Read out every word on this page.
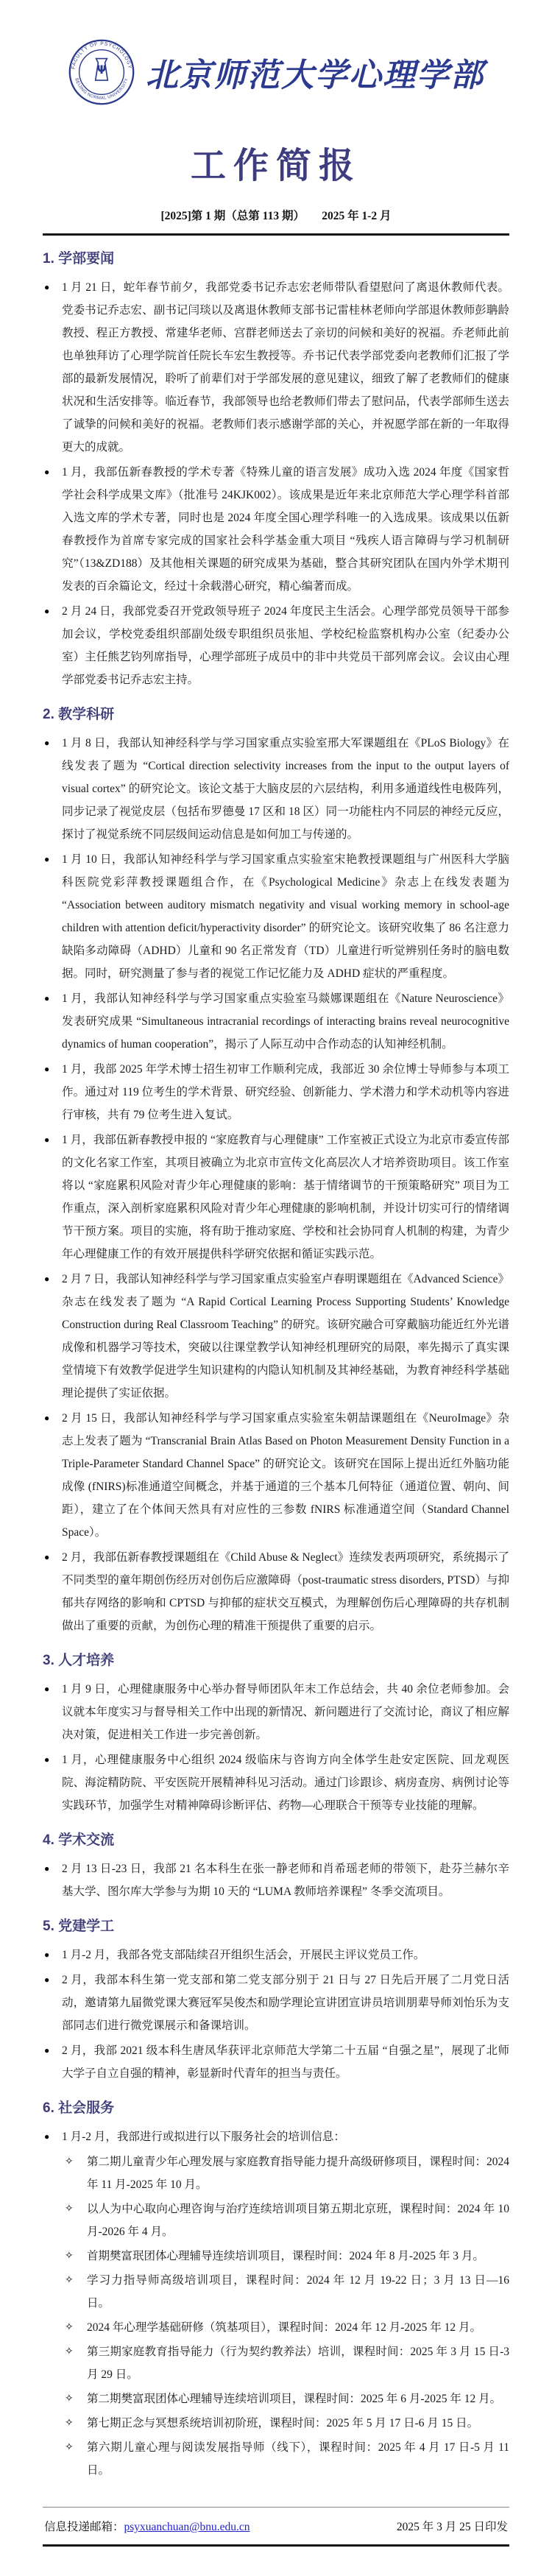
FACULTY OF PSYCHOLOGY
BEIJING NORMAL UNIVERSITY
Ψ 北京师范大学心理学部
工作简报
[2025]第 1 期（总第 113 期）　　2025 年 1-2 月
1. 学部要闻
● 1 月 21 日，蛇年春节前夕，我部党委书记乔志宏老师带队看望慰问了离退休教师代表。党委书记乔志宏、副书记闫琰以及离退休教师支部书记雷桂林老师向学部退休教师彭聃龄教授、程正方教授、常建华老师、宫群老师送去了亲切的问候和美好的祝福。乔老师此前也单独拜访了心理学院首任院长车宏生教授等。乔书记代表学部党委向老教师们汇报了学部的最新发展情况，聆听了前辈们对于学部发展的意见建议，细致了解了老教师们的健康状况和生活安排等。临近春节，我部领导也给老教师们带去了慰问品，代表学部师生送去了诚挚的问候和美好的祝福。老教师们表示感谢学部的关心，并祝愿学部在新的一年取得更大的成就。
● 1 月，我部伍新春教授的学术专著《特殊儿童的语言发展》成功入选 2024 年度《国家哲学社会科学成果文库》（批准号 24KJK002）。该成果是近年来北京师范大学心理学科首部入选文库的学术专著，同时也是 2024 年度全国心理学科唯一的入选成果。该成果以伍新春教授作为首席专家完成的国家社会科学基金重大项目 “残疾人语言障碍与学习机制研究”（13&ZD188）及其他相关课题的研究成果为基础，整合其研究团队在国内外学术期刊发表的百余篇论文，经过十余载潜心研究，精心编著而成。
● 2 月 24 日，我部党委召开党政领导班子 2024 年度民主生活会。心理学部党员领导干部参加会议，学校党委组织部副处级专职组织员张旭、学校纪检监察机构办公室（纪委办公室）主任熊艺钧列席指导，心理学部班子成员中的非中共党员干部列席会议。会议由心理学部党委书记乔志宏主持。
2. 教学科研
● 1 月 8 日，我部认知神经科学与学习国家重点实验室邢大军课题组在《PLoS Biology》在线发表了题为 “Cortical direction selectivity increases from the input to the output layers of visual cortex” 的研究论文。该论文基于大脑皮层的六层结构，利用多通道线性电极阵列，同步记录了视觉皮层（包括布罗德曼 17 区和 18 区）同一功能柱内不同层的神经元反应，探讨了视觉系统不同层级间运动信息是如何加工与传递的。
● 1 月 10 日，我部认知神经科学与学习国家重点实验室宋艳教授课题组与广州医科大学脑科医院党彩萍教授课题组合作，在《Psychological Medicine》杂志上在线发表题为 “Association between auditory mismatch negativity and visual working memory in school-age children with attention deficit/hyperactivity disorder” 的研究论文。该研究收集了 86 名注意力缺陷多动障碍（ADHD）儿童和 90 名正常发育（TD）儿童进行听觉辨别任务时的脑电数据。同时，研究测量了参与者的视觉工作记忆能力及 ADHD 症状的严重程度。
● 1 月，我部认知神经科学与学习国家重点实验室马燚娜课题组在《Nature Neuroscience》 发表研究成果 “Simultaneous intracranial recordings of interacting brains reveal neurocognitive dynamics of human cooperation”，揭示了人际互动中合作动态的认知神经机制。
● 1 月，我部 2025 年学术博士招生初审工作顺利完成，我部近 30 余位博士导师参与本项工作。通过对 119 位考生的学术背景、研究经验、创新能力、学术潜力和学术动机等内容进行审核，共有 79 位考生进入复试。
● 1 月，我部伍新春教授申报的 “家庭教育与心理健康” 工作室被正式设立为北京市委宣传部的文化名家工作室，其项目被确立为北京市宣传文化高层次人才培养资助项目。该工作室将以 “家庭累积风险对青少年心理健康的影响：基于情绪调节的干预策略研究” 项目为工作重点，深入剖析家庭累积风险对青少年心理健康的影响机制，并设计切实可行的情绪调节干预方案。项目的实施，将有助于推动家庭、学校和社会协同育人机制的构建，为青少年心理健康工作的有效开展提供科学研究依据和循证实践示范。
● 2 月 7 日，我部认知神经科学与学习国家重点实验室卢春明课题组在《Advanced Science》杂志在线发表了题为 “A Rapid Cortical Learning Process Supporting Students’ Knowledge Construction during Real Classroom Teaching” 的研究。该研究融合可穿戴脑功能近红外光谱成像和机器学习等技术，突破以往课堂教学认知神经机理研究的局限，率先揭示了真实课堂情境下有效教学促进学生知识建构的内隐认知机制及其神经基础，为教育神经科学基础理论提供了实证依据。
● 2 月 15 日，我部认知神经科学与学习国家重点实验室朱朝喆课题组在《NeuroImage》杂志上发表了题为 “Transcranial Brain Atlas Based on Photon Measurement Density Function in a Triple-Parameter Standard Channel Space” 的研究论文。该研究在国际上提出近红外脑功能成像 (fNIRS)标准通道空间概念，并基于通道的三个基本几何特征（通道位置、朝向、间距），建立了在个体间天然具有对应性的三参数 fNIRS 标准通道空间（Standard Channel Space）。
● 2 月，我部伍新春教授课题组在《Child Abuse & Neglect》连续发表两项研究，系统揭示了不同类型的童年期创伤经历对创伤后应激障碍（post-traumatic stress disorders, PTSD）与抑郁共存网络的影响和 CPTSD 与抑郁的症状交互模式，为理解创伤后心理障碍的共存机制做出了重要的贡献，为创伤心理的精准干预提供了重要的启示。
3. 人才培养
● 1 月 9 日，心理健康服务中心举办督导师团队年末工作总结会，共 40 余位老师参加。会议就本年度实习与督导相关工作中出现的新情况、新问题进行了交流讨论，商议了相应解决对策，促进相关工作进一步完善创新。
● 1 月，心理健康服务中心组织 2024 级临床与咨询方向全体学生赴安定医院、回龙观医院、海淀精防院、平安医院开展精神科见习活动。通过门诊跟诊、病房查房、病例讨论等实践环节，加强学生对精神障碍诊断评估、药物—心理联合干预等专业技能的理解。
4. 学术交流
● 2 月 13 日-23 日，我部 21 名本科生在张一静老师和肖希瑶老师的带领下，赴芬兰赫尔辛基大学、图尔库大学参与为期 10 天的 “LUMA 教师培养课程” 冬季交流项目。
5. 党建学工
● 1 月-2 月，我部各党支部陆续召开组织生活会，开展民主评议党员工作。
● 2 月，我部本科生第一党支部和第二党支部分别于 21 日与 27 日先后开展了二月党日活动，邀请第九届微党课大赛冠军吴俊杰和励学理论宣讲团宣讲员培训朋辈导师刘怡乐为支部同志们进行微党课展示和备课培训。
● 2 月，我部 2021 级本科生唐凤华获评北京师范大学第二十五届 “自强之星”，展现了北师大学子自立自强的精神，彰显新时代青年的担当与责任。
6. 社会服务
● 1 月-2 月，我部进行或拟进行以下服务社会的培训信息：
✧ 第二期儿童青少年心理发展与家庭教育指导能力提升高级研修项目，课程时间：2024 年 11 月-2025 年 10 月。
✧ 以人为中心取向心理咨询与治疗连续培训项目第五期北京班，课程时间：2024 年 10 月-2026 年 4 月。
✧ 首期樊富珉团体心理辅导连续培训项目，课程时间：2024 年 8 月-2025 年 3 月。
✧ 学习力指导师高级培训项目，课程时间：2024 年 12 月 19-22 日；3 月 13 日—16 日。
✧ 2024 年心理学基础研修（筑基项目），课程时间：2024 年 12 月-2025 年 12 月。
✧ 第三期家庭教育指导能力（行为契约教养法）培训，课程时间：2025 年 3 月 15 日-3 月 29 日。
✧ 第二期樊富珉团体心理辅导连续培训项目，课程时间：2025 年 6 月-2025 年 12 月。
✧ 第七期正念与冥想系统培训初阶班，课程时间：2025 年 5 月 17 日-6 月 15 日。
✧ 第六期儿童心理与阅读发展指导师（线下），课程时间：2025 年 4 月 17 日-5 月 11 日。
信息投递邮箱：psyxuanchuan@bnu.edu.cn	2025 年 3 月 25 日印发
